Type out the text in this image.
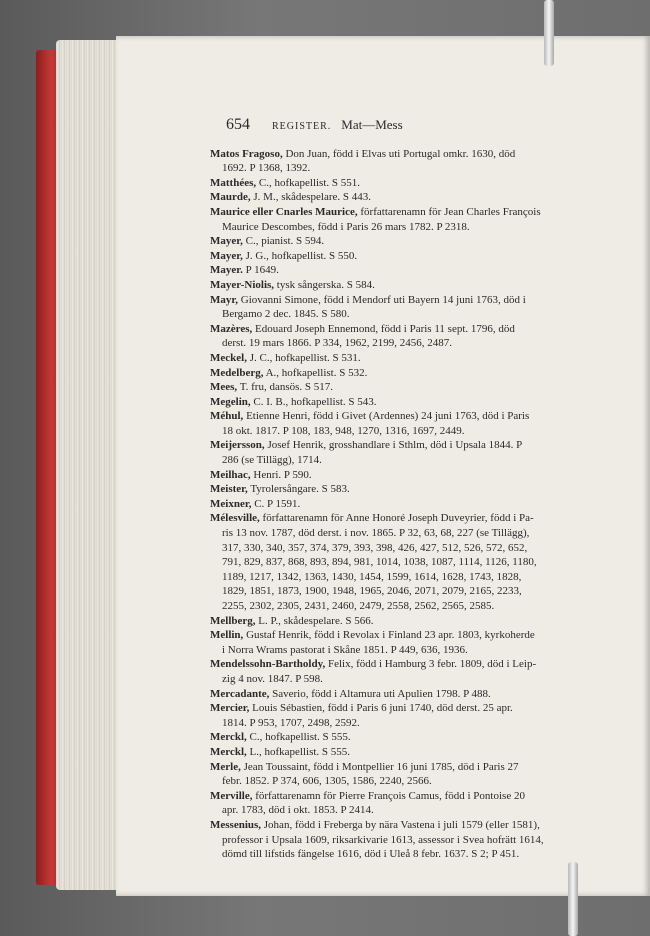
654 REGISTER. Mat—Mess

Matos Fragoso, Don Juan, född i Elvas uti Portugal omkr. 1630, död

1692. P 1368, 1392.

Matthées, C., hofkapellist. S 551.

Maurde, J. M., skådespelare. S 443.

Maurice eller Cnarles Maurice, författarenamn för Jean Charles François

Maurice Descombes, född i Paris 26 mars 1782. P 2318.

Mayer, C., pianist. S 594.

Mayer, J. G., hofkapellist. S 550.

Mayer. P 1649.

Mayer-Niolis, tysk sångerska. S 584.

Mayr, Giovanni Simone, född i Mendorf uti Bayern 14 juni 1763, död i

Bergamo 2 dec. 1845. S 580.

Mazères, Edouard Joseph Ennemond, född i Paris 11 sept. 1796, död

derst. 19 mars 1866. P 334, 1962, 2199, 2456, 2487.

Meckel, J. C., hofkapellist. S 531.

Medelberg, A., hofkapellist. S 532.

Mees, T. fru, dansös. S 517.

Megelin, C. I. B., hofkapellist. S 543.

Méhul, Etienne Henri, född i Givet (Ardennes) 24 juni 1763, död i Paris

18 okt. 1817. P 108, 183, 948, 1270, 1316, 1697, 2449.

Meijersson, Josef Henrik, grosshandlare i Sthlm, död i Upsala 1844. P

286 (se Tillägg), 1714.

Meilhac, Henri. P 590.

Meister, Tyrolersångare. S 583.

Meixner, C. P 1591.

Mélesville, författarenamn för Anne Honoré Joseph Duveyrier, född i Pa-

ris 13 nov. 1787, död derst. i nov. 1865. P 32, 63, 68, 227 (se Tillägg),

317, 330, 340, 357, 374, 379, 393, 398, 426, 427, 512, 526, 572, 652,

791, 829, 837, 868, 893, 894, 981, 1014, 1038, 1087, 1114, 1126, 1180,

1189, 1217, 1342, 1363, 1430, 1454, 1599, 1614, 1628, 1743, 1828,

1829, 1851, 1873, 1900, 1948, 1965, 2046, 2071, 2079, 2165, 2233,

2255, 2302, 2305, 2431, 2460, 2479, 2558, 2562, 2565, 2585.

Mellberg, L. P., skådespelare. S 566.

Mellin, Gustaf Henrik, född i Revolax i Finland 23 apr. 1803, kyrkoherde

i Norra Wrams pastorat i Skåne 1851. P 449, 636, 1936.

Mendelssohn-Bartholdy, Felix, född i Hamburg 3 febr. 1809, död i Leip-

zig 4 nov. 1847. P 598.

Mercadante, Saverio, född i Altamura uti Apulien 1798. P 488.

Mercier, Louis Sébastien, född i Paris 6 juni 1740, död derst. 25 apr.

1814. P 953, 1707, 2498, 2592.

Merckl, C., hofkapellist. S 555.

Merckl, L., hofkapellist. S 555.

Merle, Jean Toussaint, född i Montpellier 16 juni 1785, död i Paris 27

febr. 1852. P 374, 606, 1305, 1586, 2240, 2566.

Merville, författarenamn för Pierre François Camus, född i Pontoise 20

apr. 1783, död i okt. 1853. P 2414.

Messenius, Johan, född i Freberga by nära Vastena i juli 1579 (eller 1581),

professor i Upsala 1609, riksarkivarie 1613, assessor i Svea hofrätt 1614,

dömd till lifstids fängelse 1616, död i Uleå 8 febr. 1637. S 2; P 451.
